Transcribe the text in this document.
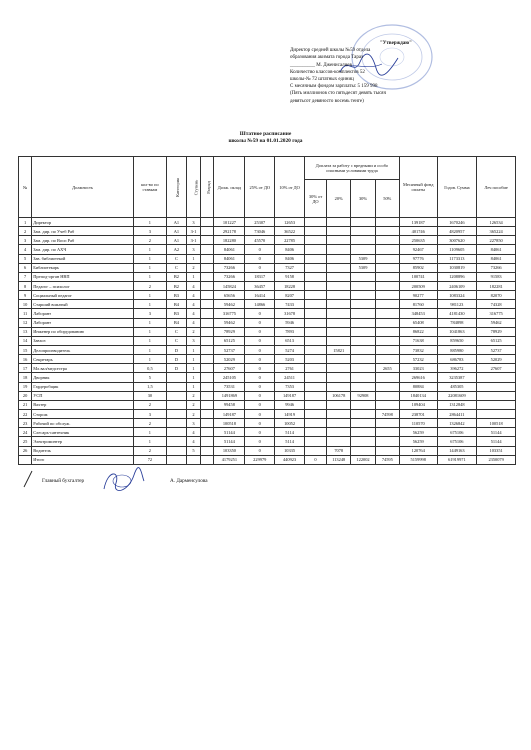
"Утверждаю"
Директор средней школы №59 отдела
образования акимата города Тараз
__________ М. Дженисалиев
Количество классов-комплектов 52
школы-№ 72 штатных единиц
С месячным фондом зарплаты: 5 159 998
(Пять миллионов сто пятьдесят девять тысяч
девятьсот девяносто восемь тенге)
Штатное расписание
школы №59 на 01.01.2020 года
№	Должность	кол-во по ставкам	Категория	Ступень	Разряд	Долж. оклад	25% от ДО	10% от ДО	Доплата за работу с вредными и особо опасными условиями труда				Месячный фонд оплаты	Годов. Сумма	Леч пособие
									30% от ДО	20%	30%	50%			
1	Директор	1	А1	3		101227	25307	12653					139187	1670246	126534
2	Зам. дир. по Учеб Раб	3	А1	3-1		292178	73046	36522					401746	4820957	365224
3	Зам. дир. по Восп Раб	2	А1	3-1		182280	45570	22785					250635	3007620	227850
4	Зам. дир. по АХЧ	1	А2	3		84061	0	8406					92467	1109605	84061
5	Зав. библиотекой	1	С	1		84061	0	8406			5309		97776	1173313	84061
6	Библиотекарь	1	С	2		73266	0	7327			5309		85902	1030819	73266
7	Препод-орган НВП	1	В2	1		73266	18317	9158					100741	1208896	91583
8	Педагог – психолог	2	В2	4		145824	36457	18228					200509	2406109	182281
9	Социальный педагог	1	В3	4		65656	16414	8207					90277	1083324	82070
10	Старший вожатый	1	В4	4		59462	14866	7433					81760	981123	74328
11	Лаборант	3	В3	4		316775	0	31678					348453	4181430	316775
12	Лаборант	1	В4	4		59462	0	5946					65408	784898	59462
13	Инженер по оборудованию	1	С	2		78929	0	7893					86822	1041863	78929
14	Завхоз	1	С	3		65125	0	6513					71638	859650	65125
15	Делопроизводитель	1	D	1		52737	0	5274		15821			73832	885980	52737
16	Секретарь	1	D	1		52029	0	5203					57232	686783	52029
17	Мл.вал/медсестра	0,5	D	1		27607	0	2761				2655	33023	396272	27607
18	Дворник	5		1		245105	0	24511					269616	3235387	
19	Гардеробщик	1,5		1		73531	0	7353					80884	485305	
20	УСП	30		2		1491869	0	149187		106178	92908		1840134	22081609	
21	Вахтер	2		2		99458	0	9946					109404	1312848	
22	Сторож	3		2		149187	0	14919				74598	238701	2864411	
23	Рабочий по обслуж.	2		3		100518	0	10052					110570	1326842	100518
24	Слесарь-сантехник	1		4		51144	0	5114					56259	675106	51144
25	Электромонтер	1		4		51144	0	5114					56259	675106	51144
26	Водитель	2		5		103350	0	10335		7078			120764	1449163	103351
	Итого	72				4179251	229979	440923	0	113248	122002	74595	5159998	61919971	2350079
Главный бухгалтер	А. Дарменсулова
